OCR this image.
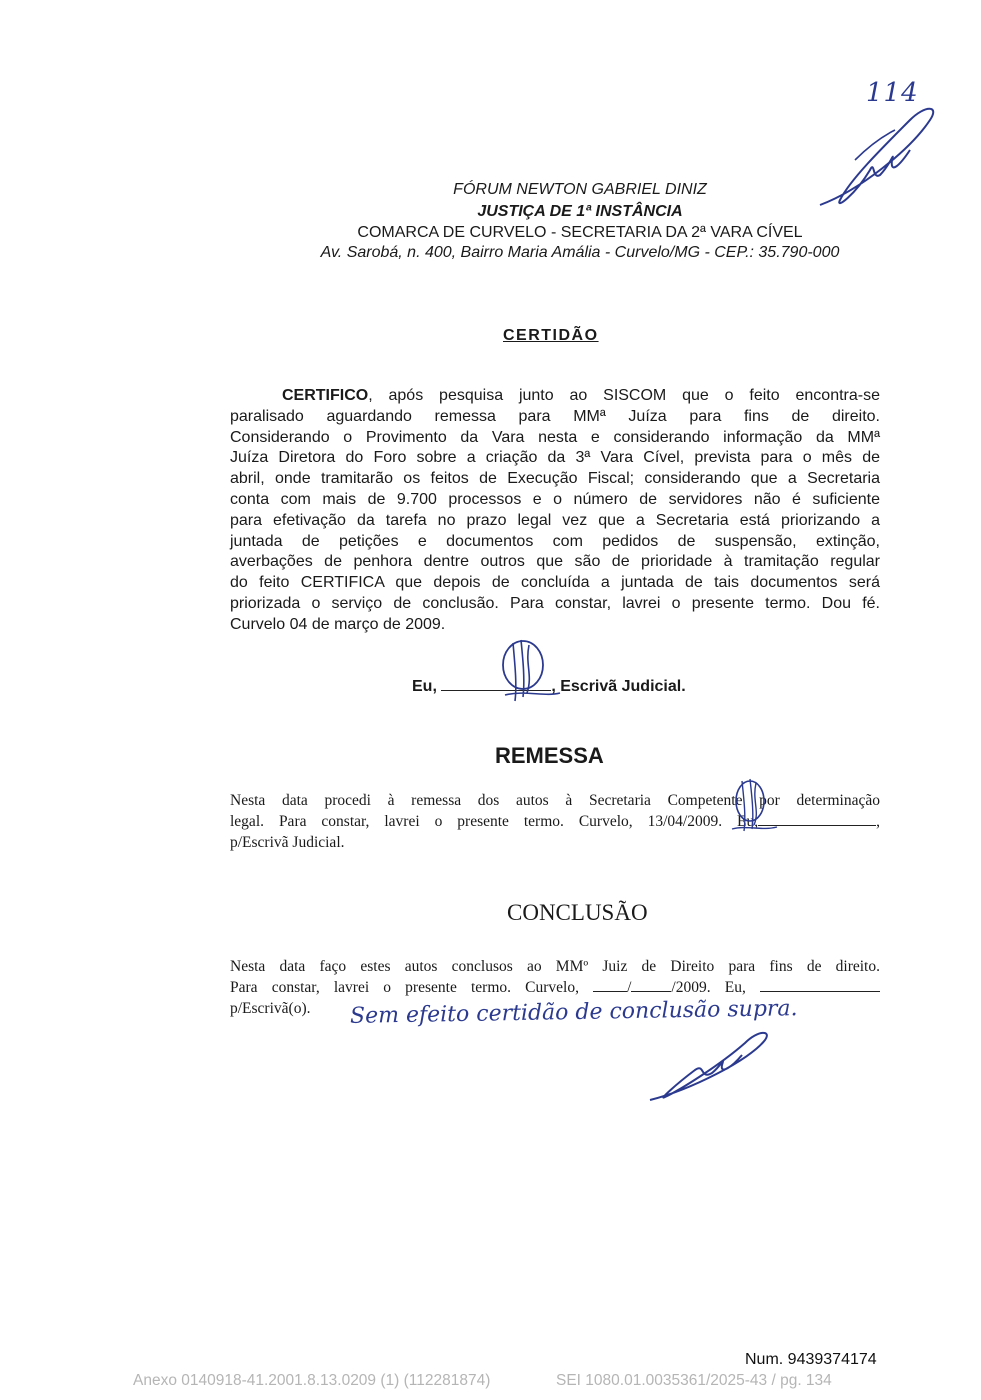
114
FÓRUM NEWTON GABRIEL DINIZ
JUSTIÇA DE 1ª INSTÂNCIA
COMARCA DE CURVELO - SECRETARIA DA 2ª VARA CÍVEL
Av. Sarobá, n. 400, Bairro Maria Amália - Curvelo/MG - CEP.: 35.790-000
CERTIDÃO
CERTIFICO, após pesquisa junto ao SISCOM que o feito encontra-se
paralisado aguardando remessa para MMª Juíza para fins de direito.
Considerando o Provimento da Vara nesta e considerando informação da MMª
Juíza Diretora do Foro sobre a criação da 3ª Vara Cível, prevista para o mês de
abril, onde tramitarão os feitos de Execução Fiscal; considerando que a Secretaria
conta com mais de 9.700 processos e o número de servidores não é suficiente
para efetivação da tarefa no prazo legal vez que a Secretaria está priorizando a
juntada de petições e documentos com pedidos de suspensão, extinção,
averbações de penhora dentre outros que são de prioridade à tramitação regular
do feito CERTIFICA que depois de concluída a juntada de tais documentos será
priorizada o serviço de conclusão. Para constar, lavrei o presente termo. Dou fé.
Curvelo 04 de março de 2009.
Eu,	, Escrivã Judicial.
REMESSA
Nesta data procedi à remessa dos autos à Secretaria Competente por determinação
legal. Para constar, lavrei o presente termo. Curvelo, 13/04/2009. Eu,	,
p/Escrivã Judicial.
CONCLUSÃO
Nesta data faço estes autos conclusos ao MMº Juiz de Direito para fins de direito.
Para constar, lavrei o presente termo. Curvelo,	/	/2009. Eu,
p/Escrivã(o).	Sem efeito certidão de conclusão supra.
Num. 9439374174
Anexo 0140918-41.2001.8.13.0209 (1) (112281874)	SEI 1080.01.0035361/2025-43 / pg. 134
